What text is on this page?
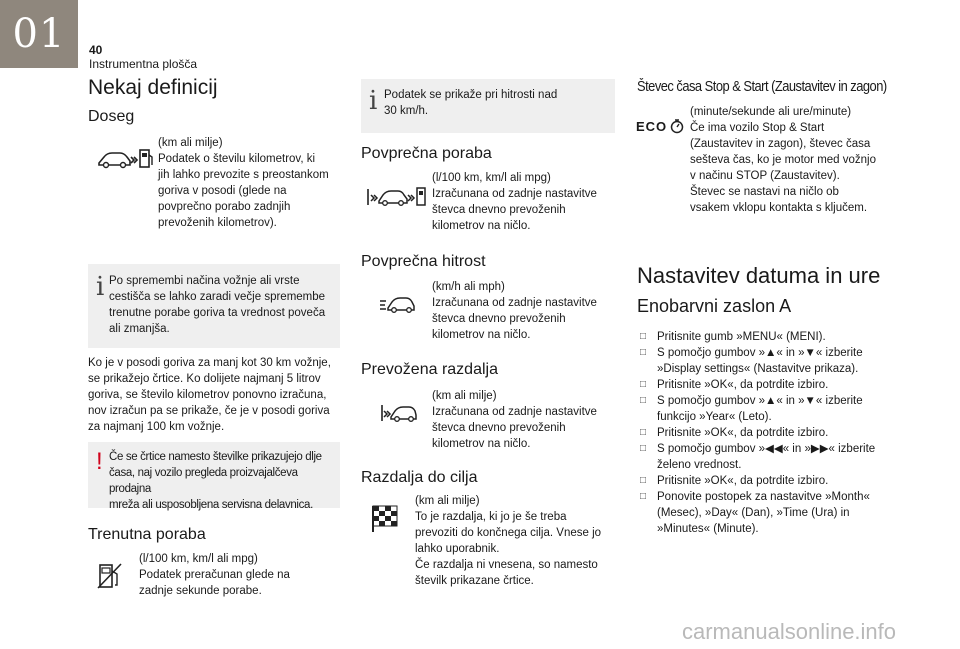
01 40
Instrumentna plošča
Nekaj definicij
Doseg
(km ali milje)
Podatek o številu kilometrov, ki
jih lahko prevozite s preostankom
goriva v posodi (glede na
povprečno porabo zadnjih
prevoženih kilometrov).
i Po spremembi načina vožnje ali vrste
cestišča se lahko zaradi večje spremembe
trenutne porabe goriva ta vrednost poveča
ali zmanjša.
Ko je v posodi goriva za manj kot 30 km vožnje,
se prikažejo črtice. Ko dolijete najmanj 5 litrov
goriva, se število kilometrov ponovno izračuna,
nov izračun pa se prikaže, če je v posodi goriva
za najmanj 100 km vožnje.
! Če se črtice namesto številke prikazujejo dlje
časa, naj vozilo pregleda proizvajalčeva prodajna
mreža ali usposobljena servisna delavnica.
Trenutna poraba
(l/100 km, km/l ali mpg)
Podatek preračunan glede na
zadnje sekunde porabe.
i Podatek se prikaže pri hitrosti nad
30 km/h.
Povprečna poraba
(l/100 km, km/l ali mpg)
Izračunana od zadnje nastavitve
števca dnevno prevoženih
kilometrov na ničlo.
Povprečna hitrost
(km/h ali mph)
Izračunana od zadnje nastavitve
števca dnevno prevoženih
kilometrov na ničlo.
Prevožena razdalja
(km ali milje)
Izračunana od zadnje nastavitve
števca dnevno prevoženih
kilometrov na ničlo.
Razdalja do cilja
(km ali milje)
To je razdalja, ki jo je še treba
prevoziti do končnega cilja. Vnese jo
lahko uporabnik.
Če razdalja ni vnesena, so namesto
številk prikazane črtice.
Števec časa Stop & Start (Zaustavitev in zagon)
ECO
(minute/sekunde ali ure/minute)
Če ima vozilo Stop & Start
(Zaustavitev in zagon), števec časa
sešteva čas, ko je motor med vožnjo
v načinu STOP (Zaustavitev).
Števec se nastavi na ničlo ob
vsakem vklopu kontakta s ključem.
Nastavitev datuma in ure
Enobarvni zaslon A
□ Pritisnite gumb »MENU« (MENI).
□ S pomočjo gumbov »▲« in »▼« izberite
»Display settings« (Nastavitve prikaza).
□ Pritisnite »OK«, da potrdite izbiro.
□ S pomočjo gumbov »▲« in »▼« izberite
funkcijo »Year« (Leto).
□ Pritisnite »OK«, da potrdite izbiro.
□ S pomočjo gumbov »◀◀« in »▶▶« izberite
želeno vrednost.
□ Pritisnite »OK«, da potrdite izbiro.
□ Ponovite postopek za nastavitve »Month«
(Mesec), »Day« (Dan), »Time (Ura) in
»Minutes« (Minute).
carmanualsonline.info
